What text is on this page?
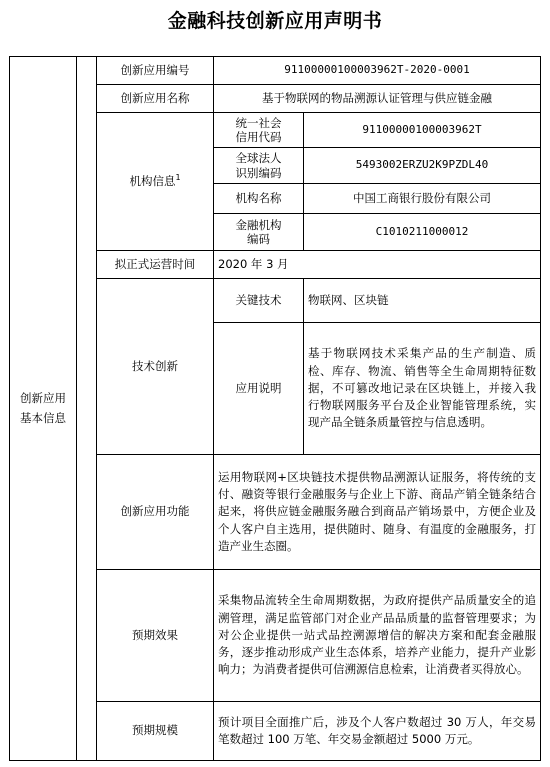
金融科技创新应用声明书
创新应用
基本信息		创新应用编号	91100000100003962T-2020-0001	
		创新应用名称	基于物联网的物品溯源认证管理与供应链金融	
		机构信息$^1$	统一社会
信用代码	91100000100003962T

			全球法人
识别编码	5493002ERZU2K9PZDL40
			机构名称	中国工商银行股份有限公司

			金融机构
编码	C1010211000012
		拟正式运营时间	2020 年 3 月	
		技术创新	关键技术	物联网、区块链
			应用说明	基于物联网技术采集产品的生产制造、质检、库存、物流、销售等全生命周期特征数据，不可篡改地记录在区块链上，并接入我行物联网服务平台及企业智能管理系统，实现产品全链条质量管控与信息透明。
		创新应用功能	运用物联网+区块链技术提供物品溯源认证服务，将传统的支付、融资等银行金融服务与企业上下游、商品产销全链条结合起来，将供应链金融服务融合到商品产销场景中，方便企业及个人客户自主选用，提供随时、随身、有温度的金融服务，打造产业生态圈。	
		预期效果	采集物品流转全生命周期数据，为政府提供产品质量安全的追溯管理，满足监管部门对企业产品品质量的监督管理要求；为对公企业提供一站式品控溯源增信的解决方案和配套金融服务，逐步推动形成产业生态体系，培养产业能力，提升产业影响力；为消费者提供可信溯源信息检索，让消费者买得放心。	
		预期规模	预计项目全面推广后，涉及个人客户数超过 30 万人，年交易笔数超过 100 万笔、年交易金额超过 5000 万元。	
